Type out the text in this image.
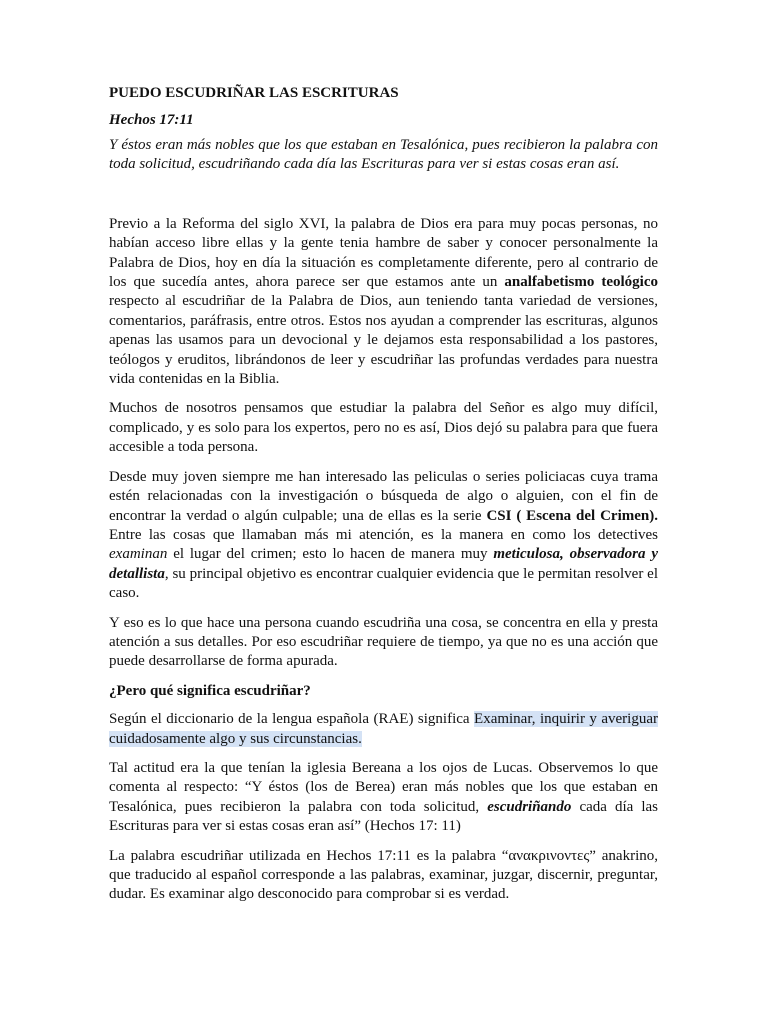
PUEDO ESCUDRIÑAR LAS ESCRITURAS
Hechos 17:11

Y éstos eran más nobles que los que estaban en Tesalónica, pues recibieron la palabra con toda solicitud, escudriñando cada día las Escrituras para ver si estas cosas eran así.

Previo a la Reforma del siglo XVI, la palabra de Dios era para muy pocas personas, no habían acceso libre ellas y la gente tenia hambre de saber y conocer personalmente la Palabra de Dios, hoy en día la situación es completamente diferente, pero al contrario de los que sucedía antes, ahora parece ser que estamos ante un analfabetismo teológico respecto al escudriñar de la Palabra de Dios, aun teniendo tanta variedad de versiones, comentarios, paráfrasis, entre otros. Estos nos ayudan a comprender las escrituras, algunos apenas las usamos para un devocional y le dejamos esta responsabilidad a los pastores, teólogos y eruditos, librándonos de leer y escudriñar las profundas verdades para nuestra vida contenidas en la Biblia.

Muchos de nosotros pensamos que estudiar la palabra del Señor es algo muy difícil, complicado, y es solo para los expertos, pero no es así, Dios dejó su palabra para que fuera accesible a toda persona.

Desde muy joven siempre me han interesado las peliculas o series policiacas cuya trama estén relacionadas con la investigación o búsqueda de algo o alguien, con el fin de encontrar la verdad o algún culpable; una de ellas es la serie CSI ( Escena del Crimen). Entre las cosas que llamaban más mi atención, es la manera en como los detectives examinan el lugar del crimen; esto lo hacen de manera muy meticulosa, observadora y detallista, su principal objetivo es encontrar cualquier evidencia que le permitan resolver el caso.

Y eso es lo que hace una persona cuando escudriña una cosa, se concentra en ella y presta atención a sus detalles. Por eso escudriñar requiere de tiempo, ya que no es una acción que puede desarrollarse de forma apurada.

¿Pero qué significa escudriñar?

Según el diccionario de la lengua española (RAE) significa Examinar, inquirir y averiguar cuidadosamente algo y sus circunstancias.

Tal actitud era la que tenían la iglesia Bereana a los ojos de Lucas. Observemos lo que comenta al respecto: “Y éstos (los de Berea) eran más nobles que los que estaban en Tesalónica, pues recibieron la palabra con toda solicitud, escudriñando cada día las Escrituras para ver si estas cosas eran así” (Hechos 17: 11)

La palabra escudriñar utilizada en Hechos 17:11 es la palabra “ανακρινοντες” anakrino, que traducido al español corresponde a las palabras, examinar, juzgar, discernir, preguntar, dudar. Es examinar algo desconocido para comprobar si es verdad.
